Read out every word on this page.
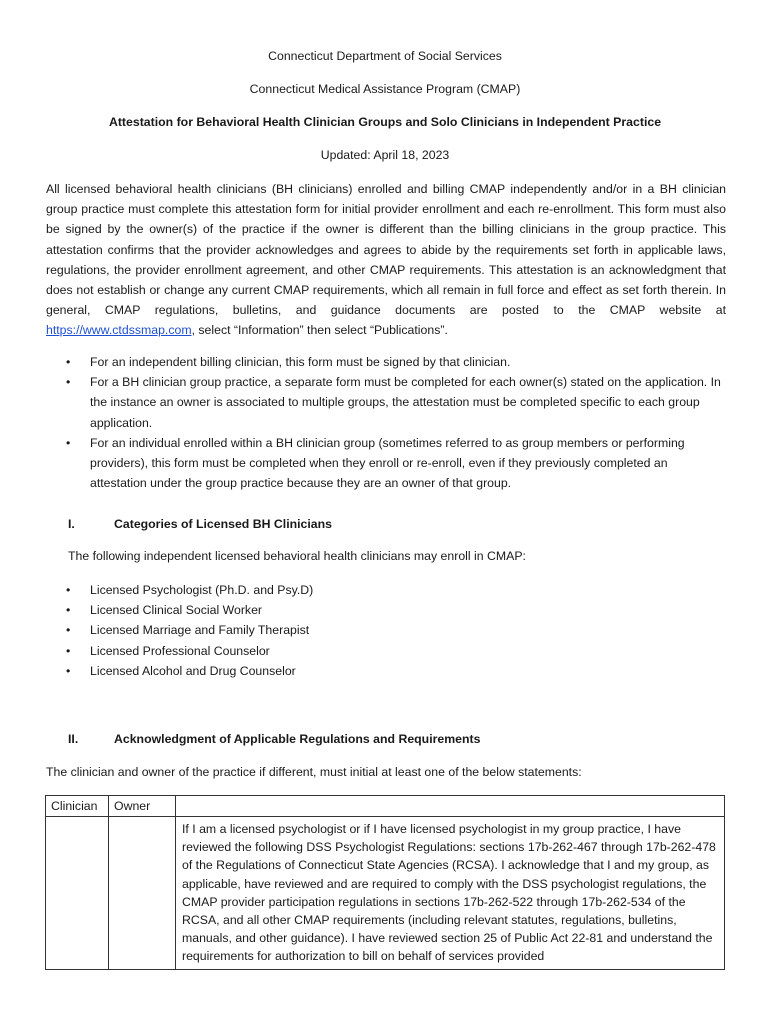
Connecticut Department of Social Services
Connecticut Medical Assistance Program (CMAP)
Attestation for Behavioral Health Clinician Groups and Solo Clinicians in Independent Practice
Updated: April 18, 2023

All licensed behavioral health clinicians (BH clinicians) enrolled and billing CMAP independently and/or in a BH clinician group practice must complete this attestation form for initial provider enrollment and each re-enrollment. This form must also be signed by the owner(s) of the practice if the owner is different than the billing clinicians in the group practice. This attestation confirms that the provider acknowledges and agrees to abide by the requirements set forth in applicable laws, regulations, the provider enrollment agreement, and other CMAP requirements. This attestation is an acknowledgment that does not establish or change any current CMAP requirements, which all remain in full force and effect as set forth therein. In general, CMAP regulations, bulletins, and guidance documents are posted to the CMAP website at https://www.ctdssmap.com, select “Information” then select “Publications”.

• For an independent billing clinician, this form must be signed by that clinician.
• For a BH clinician group practice, a separate form must be completed for each owner(s) stated on the application. In the instance an owner is associated to multiple groups, the attestation must be completed specific to each group application.
• For an individual enrolled within a BH clinician group (sometimes referred to as group members or performing providers), this form must be completed when they enroll or re-enroll, even if they previously completed an attestation under the group practice because they are an owner of that group.
I.	Categories of Licensed BH Clinicians
The following independent licensed behavioral health clinicians may enroll in CMAP:
• Licensed Psychologist (Ph.D. and Psy.D)
• Licensed Clinical Social Worker
• Licensed Marriage and Family Therapist
• Licensed Professional Counselor
• Licensed Alcohol and Drug Counselor
II.	Acknowledgment of Applicable Regulations and Requirements
The clinician and owner of the practice if different, must initial at least one of the below statements:
Clinician	Owner	
		If I am a licensed psychologist or if I have licensed psychologist in my group practice, I have reviewed the following DSS Psychologist Regulations: sections 17b-262-467 through 17b-262-478 of the Regulations of Connecticut State Agencies (RCSA). I acknowledge that I and my group, as applicable, have reviewed and are required to comply with the DSS psychologist regulations, the CMAP provider participation regulations in sections 17b-262-522 through 17b-262-534 of the RCSA, and all other CMAP requirements (including relevant statutes, regulations, bulletins, manuals, and other guidance). I have reviewed section 25 of Public Act 22-81 and understand the requirements for authorization to bill on behalf of services provided
